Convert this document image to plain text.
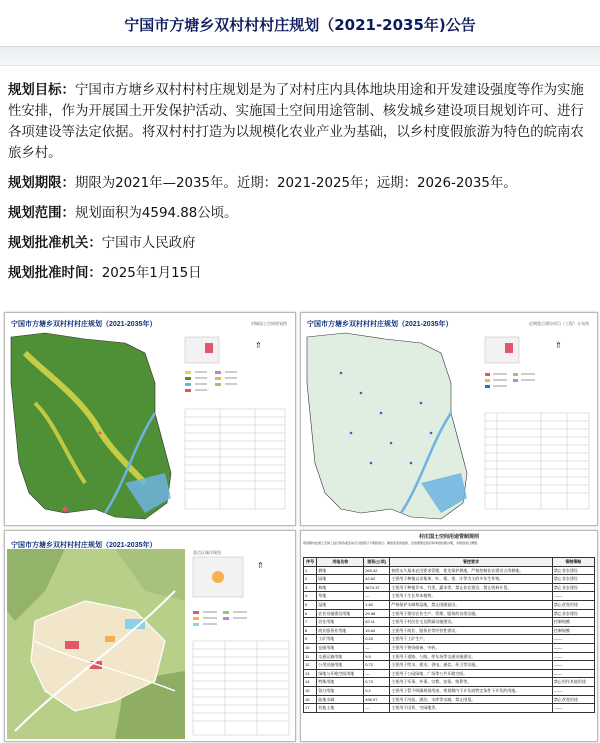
宁国市方塘乡双村村村庄规划（2021-2035年)公告

规划目标：宁国市方塘乡双村村村庄规划是为了对村庄内具体地块用途和开发建设强度等作为实施性安排，作为开展国土开发保护活动、实施国土空间用途管制、核发城乡建设项目规划许可、进行各项建设等法定依据。将双村村打造为以规模化农业产业为基础，以乡村度假旅游为特色的皖南农旅乡村。

规划期限：期限为2021年—2035年。近期：2021-2025年；远期：2026-2035年。

规划范围：规划面积为4594.88公顷。

规划批准机关：宁国市人民政府

规划批准时间：2025年1月15日

宁国市方塘乡双村村村庄规划（2021-2035年）	村域国土空间规划图
⇑
宁国市方塘乡双村村村庄规划（2021-2035年）	近期重点建设项目（工程）分布图
⇑
宁国市方塘乡双村村村庄规划（2021-2035年）
重点区域详规图
⇑
村庄国土空间用途管制规则
规划期内在国土空间上进行的各类活动应当按照以下规则进行。确需改变用途的，应按照规定程序和审批权限办理，对规划进行调整。
序号	用地名称	面积(公顷)	管控要求	管制策略
1	耕地	265.42	按照永久基本农田要求管理，优先保护耕地，严格控制非农建设占用耕地。	禁止非农建设
2	园地	42.62	主要用于种植以采集果、叶、根、茎、汁等为主的多年生作物。	禁止非农建设
3	林地	3674.37	主要用于种植乔木、竹类、灌木等，禁止非农建设，禁止毁林开垦。	禁止非农建设
4	草地	—	主要用于生长草本植物。	——
5	湿地	1.80	严格保护水域和湿地，禁止围湖造田。	禁止改变用途
6	农业设施建设用地	29.58	主要用于建设农业生产、管理、服务的各类设施。	禁止非农建设
7	居住用地	52.11	主要用于村民住宅及附属设施建设。	控制规模
8	商业服务业用地	19.64	主要用于商业、服务业等经营性建设。	控制规模
9	工矿用地	0.20	主要用于工矿生产。	——
10	仓储用地	—	主要用于物资储备、中转。	——
11	交通运输用地	9.5	主要用于道路、公路、停车场等交通设施建设。	——
12	公用设施用地	0.72	主要用于给水、排水、供电、通信、环卫等设施。	——
13	绿地与开敞空间用地	—	主要用于公园绿地、广场等公共开敞空间。	——
14	特殊用地	0.72	主要用于军事、外事、宗教、安保、殡葬等。	禁止用作其他用途
15	留白用地	0.2	主要用于暂不明确规划用途、规划期内不开发或特定条件下开发的用地。	——
16	陆地水域	496.97	主要用于河流、湖泊、水库等水域，禁止围垦。	禁止改变用途
17	其他土地	—	主要用于田坎、空闲地等。	——
